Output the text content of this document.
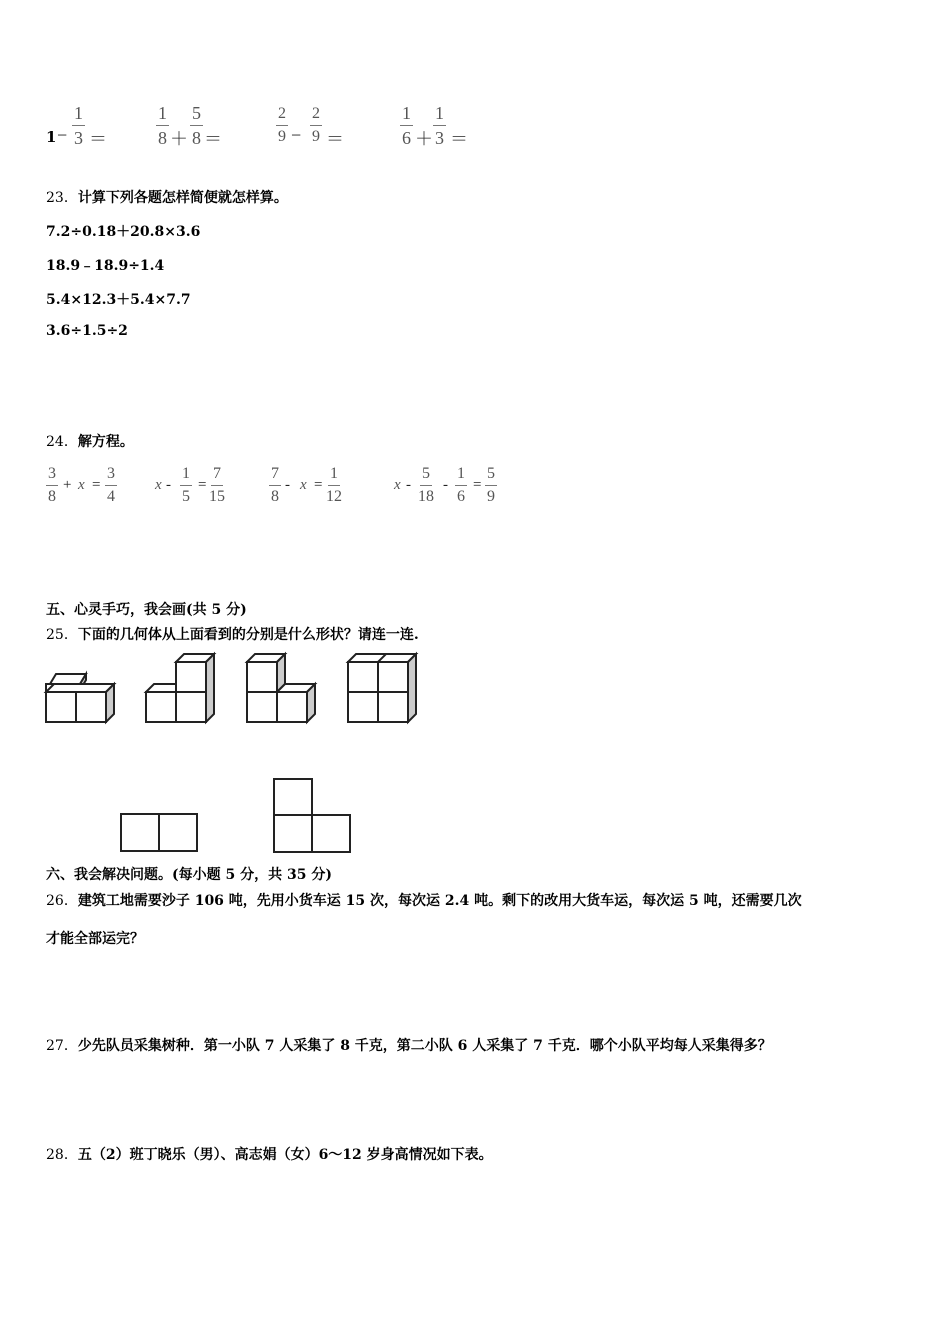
$1 - \frac{1}{3}$ ＝	$\frac{1}{8} + \frac{5}{8}$ ＝	$\frac{2}{9} - \frac{2}{9}$ ＝	$\frac{1}{6} + \frac{1}{3}$ ＝
23．计算下列各题怎样简便就怎样算。
7.2÷0.18＋20.8×3.6
18.9﹣18.9÷1.4
5.4×12.3＋5.4×7.7
3.6÷1.5÷2
24．解方程。
$\frac{3}{8} + x = \frac{3}{4}$	$x - \frac{1}{5} = \frac{7}{15}$	$\frac{7}{8} - x = \frac{1}{12}$	$x - \frac{5}{18} - \frac{1}{6} = \frac{5}{9}$
五、心灵手巧，我会画(共 5 分)
25．下面的几何体从上面看到的分别是什么形状？请连一连.
六、我会解决问题。(每小题 5 分，共 35 分)
26．建筑工地需要沙子 106 吨，先用小货车运 15 次，每次运 2.4 吨。剩下的改用大货车运，每次运 5 吨，还需要几次
才能全部运完？
27．少先队员采集树种．第一小队 7 人采集了 8 千克，第二小队 6 人采集了 7 千克．哪个小队平均每人采集得多？
28．五（2）班丁晓乐（男）、高志娟（女）6～12 岁身高情况如下表。
